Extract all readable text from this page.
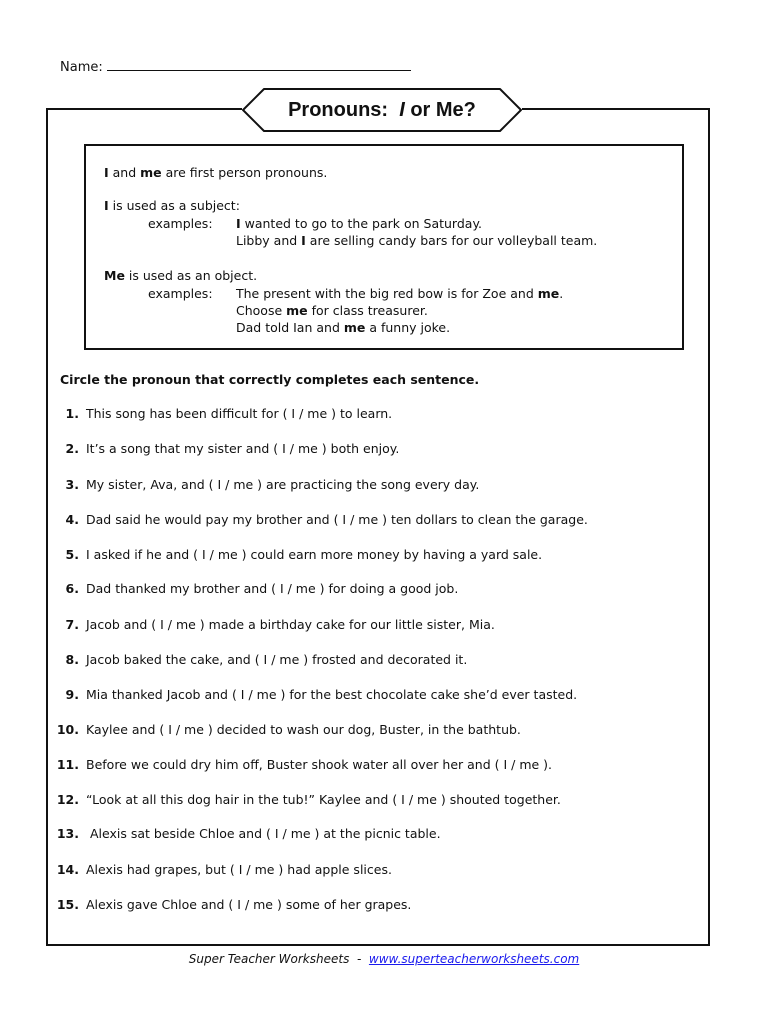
Name:
Pronouns: I or Me?
I and me are first person pronouns.
I is used as a subject:
examples: I wanted to go to the park on Saturday.
Libby and I are selling candy bars for our volleyball team.
Me is used as an object.
examples: The present with the big red bow is for Zoe and me.
Choose me for class treasurer.
Dad told Ian and me a funny joke.
Circle the pronoun that correctly completes each sentence.
1. This song has been difficult for ( I / me ) to learn.
2. It’s a song that my sister and ( I / me ) both enjoy.
3. My sister, Ava, and ( I / me ) are practicing the song every day.
4. Dad said he would pay my brother and ( I / me ) ten dollars to clean the garage.
5. I asked if he and ( I / me ) could earn more money by having a yard sale.
6. Dad thanked my brother and ( I / me ) for doing a good job.
7. Jacob and ( I / me ) made a birthday cake for our little sister, Mia.
8. Jacob baked the cake, and ( I / me ) frosted and decorated it.
9. Mia thanked Jacob and ( I / me ) for the best chocolate cake she’d ever tasted.
10. Kaylee and ( I / me ) decided to wash our dog, Buster, in the bathtub.
11. Before we could dry him off, Buster shook water all over her and ( I / me ).
12. “Look at all this dog hair in the tub!” Kaylee and ( I / me ) shouted together.
13. Alexis sat beside Chloe and ( I / me ) at the picnic table.
14. Alexis had grapes, but ( I / me ) had apple slices.
15. Alexis gave Chloe and ( I / me ) some of her grapes.
Super Teacher Worksheets  -  www.superteacherworksheets.com
